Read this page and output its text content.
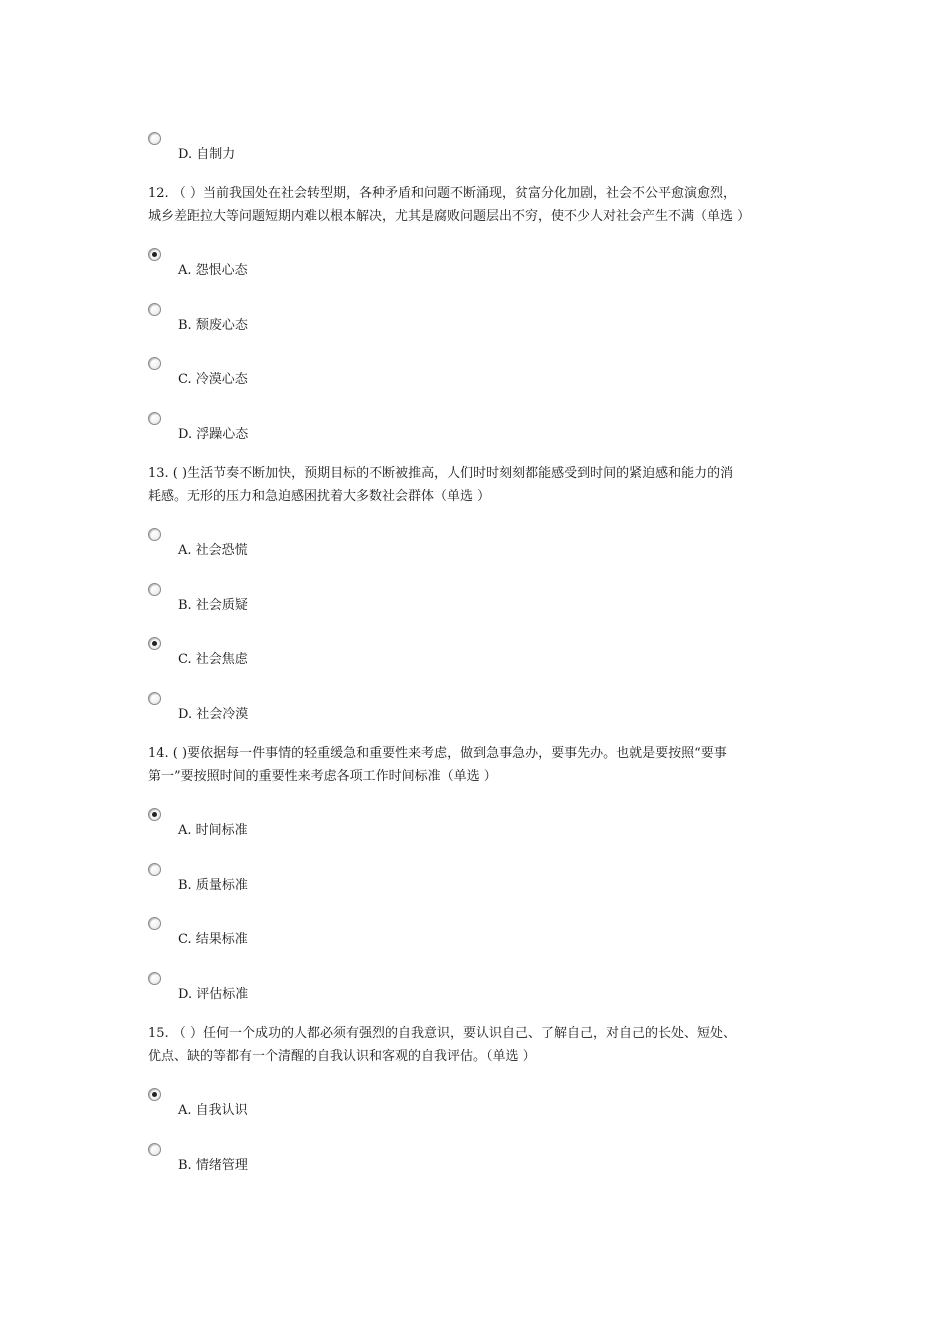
D. 自制力

12. （ ）当前我国处在社会转型期，各种矛盾和问题不断涌现，贫富分化加剧，社会不公平愈演愈烈，

城乡差距拉大等问题短期内难以根本解决，尤其是腐败问题层出不穷，使不少人对社会产生不满（单选 ）

A. 怨恨心态
B. 颓废心态
C. 冷漠心态
D. 浮躁心态

13. ( )生活节奏不断加快，预期目标的不断被推高，人们时时刻刻都能感受到时间的紧迫感和能力的消

耗感。无形的压力和急迫感困扰着大多数社会群体（单选 ）

A. 社会恐慌
B. 社会质疑
C. 社会焦虑
D. 社会冷漠

14. ( )要依据每一件事情的轻重缓急和重要性来考虑，做到急事急办，要事先办。也就是要按照“要事

第一”要按照时间的重要性来考虑各项工作时间标准（单选 ）

A. 时间标准
B. 质量标准
C. 结果标准
D. 评估标准

15. （ ）任何一个成功的人都必须有强烈的自我意识，要认识自己、了解自己，对自己的长处、短处、

优点、缺的等都有一个清醒的自我认识和客观的自我评估。（单选 ）

A. 自我认识
B. 情绪管理
